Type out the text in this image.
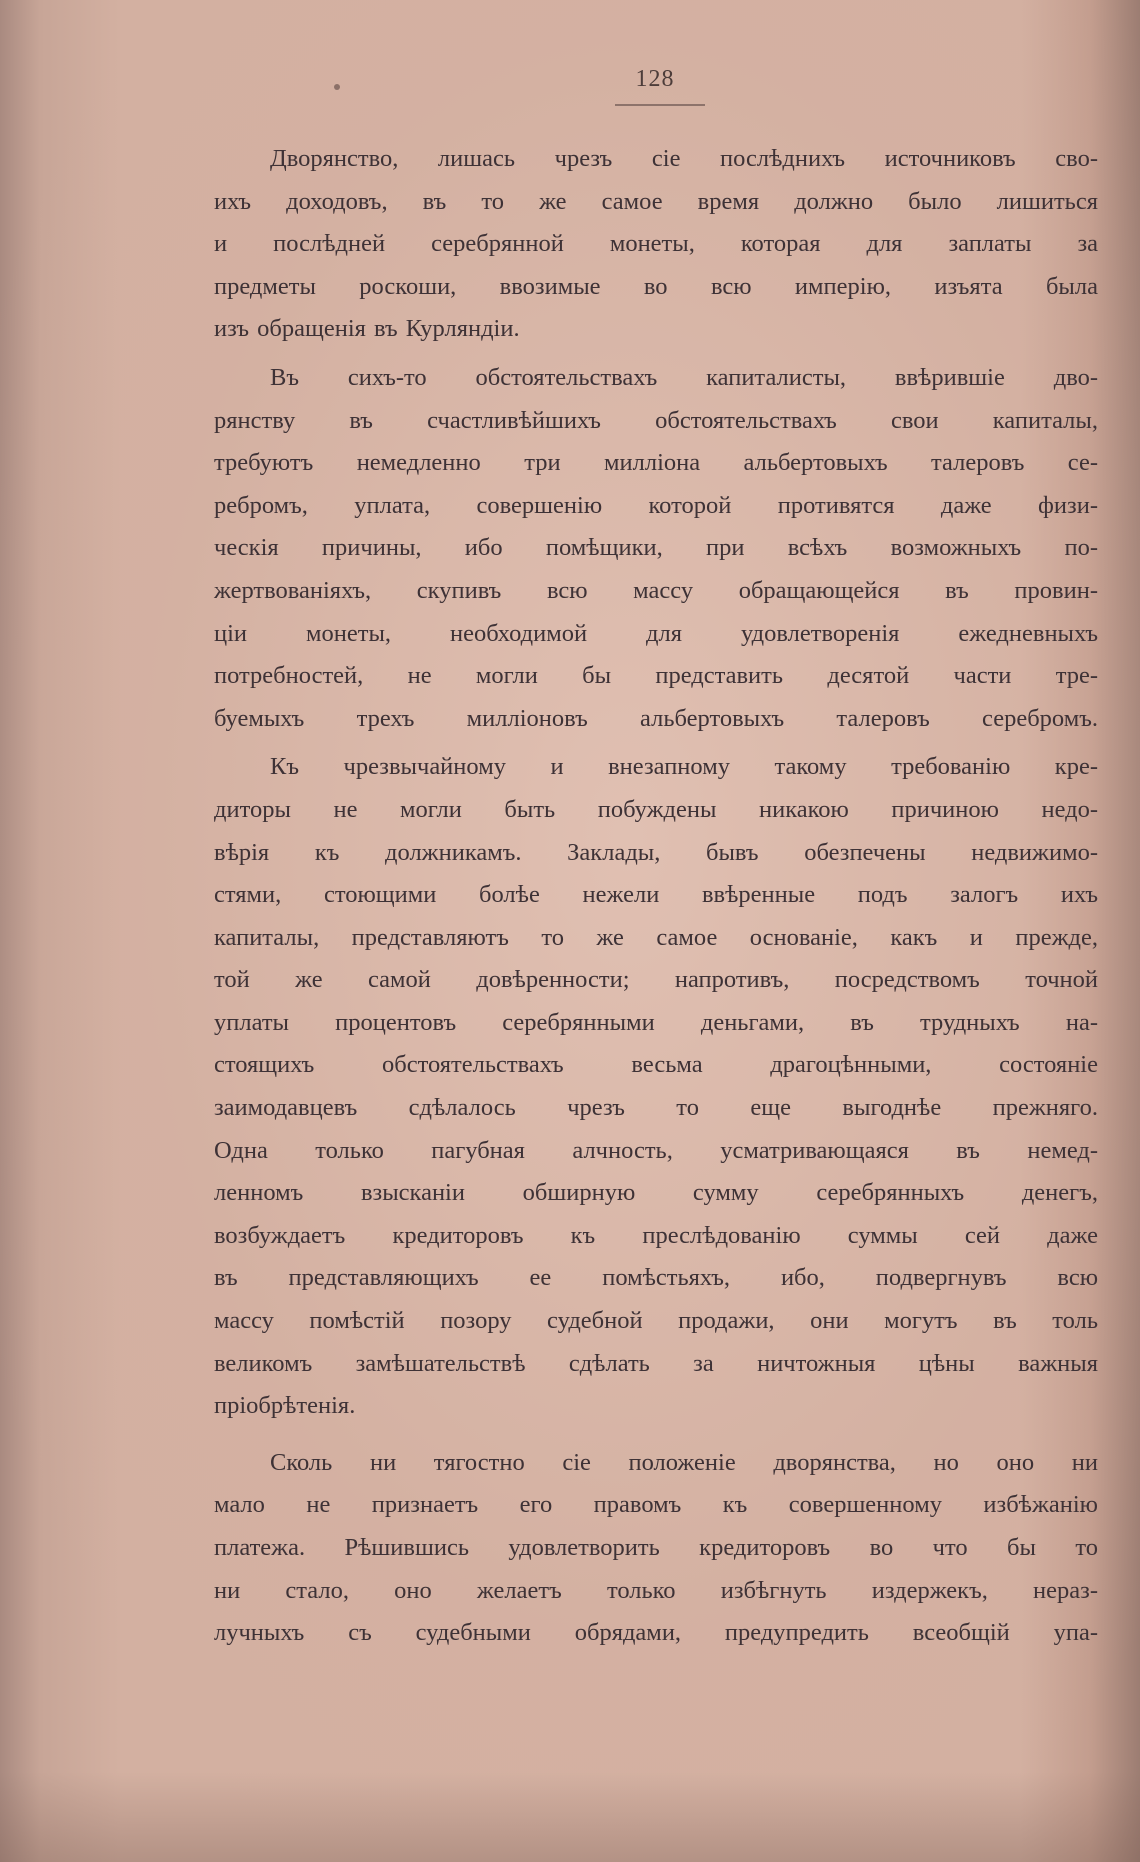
128
Дворянство, лишась чрезъ сіе послѣднихъ источниковъ сво-
ихъ доходовъ, въ то же самое время должно было лишиться
и послѣдней серебрянной монеты, которая для заплаты за
предметы роскоши, ввозимые во всю имперію, изъята была
изъ обращенія въ Курляндіи.
Въ сихъ-то обстоятельствахъ капиталисты, ввѣрившіе дво-
рянству въ счастливѣйшихъ обстоятельствахъ свои капиталы,
требуютъ немедленно три милліона альбертовыхъ талеровъ се-
ребромъ, уплата, совершенію которой противятся даже физи-
ческія причины, ибо помѣщики, при всѣхъ возможныхъ по-
жертвованіяхъ, скупивъ всю массу обращающейся въ провин-
ціи монеты, необходимой для удовлетворенія ежедневныхъ
потребностей, не могли бы представить десятой части тре-
буемыхъ трехъ милліоновъ альбертовыхъ талеровъ серебромъ.
Къ чрезвычайному и внезапному такому требованію кре-
диторы не могли быть побуждены никакою причиною недо-
вѣрія къ должникамъ. Заклады, бывъ обезпечены недвижимо-
стями, стоющими болѣе нежели ввѣренные подъ залогъ ихъ
капиталы, представляютъ то же самое основаніе, какъ и прежде,
той же самой довѣренности; напротивъ, посредствомъ точной
уплаты процентовъ серебрянными деньгами, въ трудныхъ на-
стоящихъ обстоятельствахъ весьма драгоцѣнными, состояніе
заимодавцевъ сдѣлалось чрезъ то еще выгоднѣе прежняго.
Одна только пагубная алчность, усматривающаяся въ немед-
ленномъ взысканіи обширную сумму серебрянныхъ денегъ,
возбуждаетъ кредиторовъ къ преслѣдованію суммы сей даже
въ представляющихъ ее помѣстьяхъ, ибо, подвергнувъ всю
массу помѣстій позору судебной продажи, они могутъ въ толь
великомъ замѣшательствѣ сдѣлать за ничтожныя цѣны важныя
пріобрѣтенія.
Сколь ни тягостно сіе положеніе дворянства, но оно ни
мало не признаетъ его правомъ къ совершенному избѣжанію
платежа. Рѣшившись удовлетворить кредиторовъ во что бы то
ни стало, оно желаетъ только избѣгнуть издержекъ, нераз-
лучныхъ съ судебными обрядами, предупредить всеобщій упа-
